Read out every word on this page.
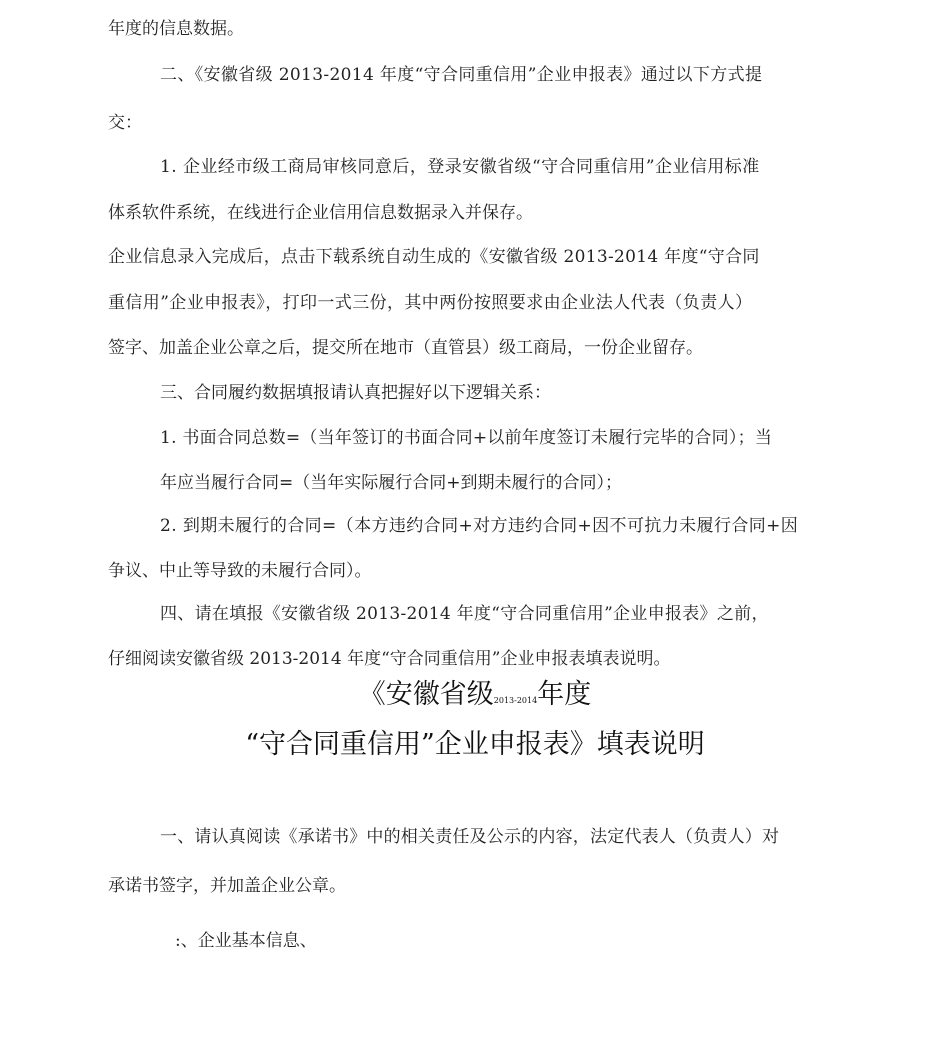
年度的信息数据。
二、《安徽省级 2013-2014 年度“守合同重信用”企业申报表》通过以下方式提
交：
1. 企业经市级工商局审核同意后，登录安徽省级“守合同重信用”企业信用标准
体系软件系统，在线进行企业信用信息数据录入并保存。
企业信息录入完成后，点击下载系统自动生成的《安徽省级 2013-2014 年度“守合同
重信用”企业申报表》，打印一式三份，其中两份按照要求由企业法人代表（负责人）
签字、加盖企业公章之后，提交所在地市（直管县）级工商局，一份企业留存。
三、合同履约数据填报请认真把握好以下逻辑关系：
1. 书面合同总数=（当年签订的书面合同+以前年度签订未履行完毕的合同）；当
年应当履行合同=（当年实际履行合同+到期未履行的合同）；
2. 到期未履行的合同=（本方违约合同+对方违约合同+因不可抗力未履行合同+因
争议、中止等导致的未履行合同）。
四、请在填报《安徽省级 2013-2014 年度“守合同重信用”企业申报表》之前，
仔细阅读安徽省级 2013-2014 年度“守合同重信用”企业申报表填表说明。
《安徽省级2013-2014年度
“守合同重信用”企业申报表》填表说明
一、请认真阅读《承诺书》中的相关责任及公示的内容，法定代表人（负责人）对
承诺书签字，并加盖企业公章。
:、企业基本信息、
